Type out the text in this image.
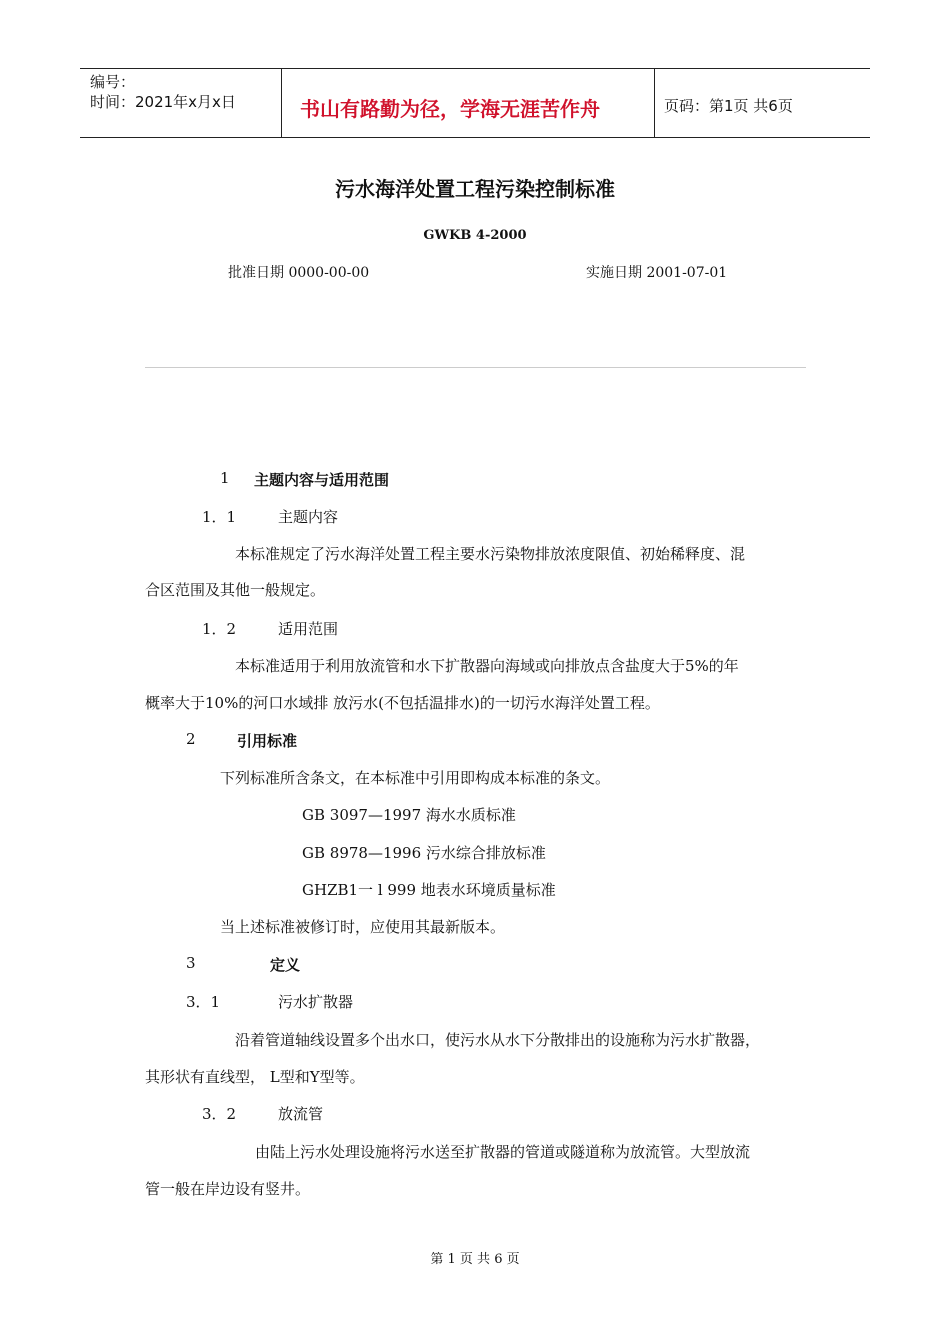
编号：
时间：2021年x月x日	书山有路勤为径，学海无涯苦作舟	页码：第1页 共6页
污水海洋处置工程污染控制标准
GWKB 4-2000
批准日期 0000-00-00	实施日期 2001-07-01
1 主题内容与适用范围
1．1	主题内容
本标准规定了污水海洋处置工程主要水污染物排放浓度限值、初始稀释度、混
合区范围及其他一般规定。
1．2	适用范围
本标准适用于利用放流管和水下扩散器向海域或向排放点含盐度大于5%的年
概率大于10%的河口水域排 放污水(不包括温排水)的一切污水海洋处置工程。
2	引用标准
下列标准所含条文，在本标准中引用即构成本标准的条文。
GB 3097—1997 海水水质标准
GB 8978—1996 污水综合排放标准
GHZB1一 l 999 地表水环境质量标准
当上述标准被修订时，应使用其最新版本。
3	定义
3．1	污水扩散器
沿着管道轴线设置多个出水口，使污水从水下分散排出的设施称为污水扩散器，
其形状有直线型， L型和Y型等。
3．2	放流管
由陆上污水处理设施将污水送至扩散器的管道或隧道称为放流管。大型放流
管一般在岸边设有竖井。
第 1 页 共 6 页
